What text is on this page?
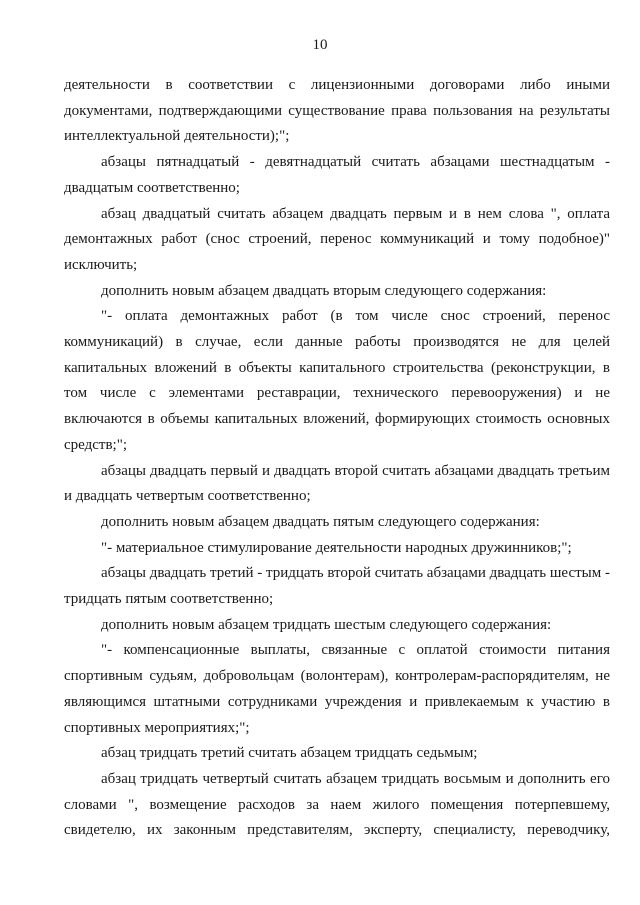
10

деятельности в соответствии с лицензионными договорами либо иными документами, подтверждающими существование права пользования на результаты интеллектуальной деятельности);";

абзацы пятнадцатый - девятнадцатый считать абзацами шестнадцатым - двадцатым соответственно;

абзац двадцатый считать абзацем двадцать первым и в нем слова ", оплата демонтажных работ (снос строений, перенос коммуникаций и тому подобное)" исключить;

дополнить новым абзацем двадцать вторым следующего содержания:

"- оплата демонтажных работ (в том числе снос строений, перенос коммуникаций) в случае, если данные работы производятся не для целей капитальных вложений в объекты капитального строительства (реконструкции, в том числе с элементами реставрации, технического перевооружения) и не включаются в объемы капитальных вложений, формирующих стоимость основных средств;";

абзацы двадцать первый и двадцать второй считать абзацами двадцать третьим и двадцать четвертым соответственно;

дополнить новым абзацем двадцать пятым следующего содержания:

"- материальное стимулирование деятельности народных дружинников;";

абзацы двадцать третий - тридцать второй считать абзацами двадцать шестым - тридцать пятым соответственно;

дополнить новым абзацем тридцать шестым следующего содержания:

"- компенсационные выплаты, связанные с оплатой стоимости питания спортивным судьям, добровольцам (волонтерам), контролерам-распорядителям, не являющимся штатными сотрудниками учреждения и привлекаемым к участию в спортивных мероприятиях;";

абзац тридцать третий считать абзацем тридцать седьмым;

абзац тридцать четвертый считать абзацем тридцать восьмым и дополнить его словами ", возмещение расходов за наем жилого помещения потерпевшему, свидетелю, их законным представителям, эксперту, специалисту, переводчику,
